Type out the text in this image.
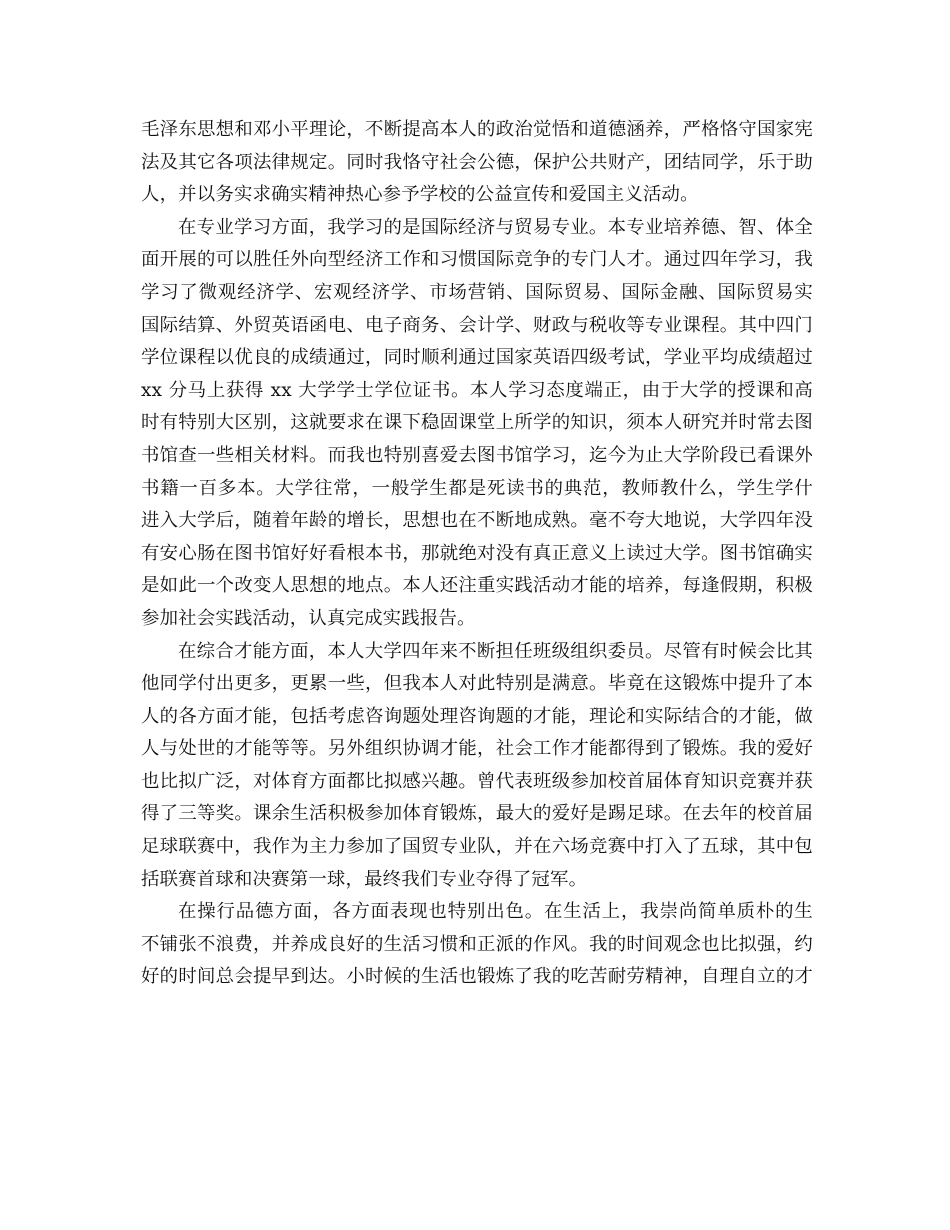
毛泽东思想和邓小平理论，不断提高本人的政治觉悟和道德涵养，严格恪守国家宪
法及其它各项法律规定。同时我恪守社会公德，保护公共财产，团结同学，乐于助
人，并以务实求确实精神热心参予学校的公益宣传和爱国主义活动。
在专业学习方面，我学习的是国际经济与贸易专业。本专业培养德、智、体全
面开展的可以胜任外向型经济工作和习惯国际竞争的专门人才。通过四年学习，我
学习了微观经济学、宏观经济学、市场营销、国际贸易、国际金融、国际贸易实
国际结算、外贸英语函电、电子商务、会计学、财政与税收等专业课程。其中四门
学位课程以优良的成绩通过，同时顺利通过国家英语四级考试，学业平均成绩超过
xx 分马上获得 xx 大学学士学位证书。本人学习态度端正，由于大学的授课和高
时有特别大区别，这就要求在课下稳固课堂上所学的知识，须本人研究并时常去图
书馆查一些相关材料。而我也特别喜爱去图书馆学习，迄今为止大学阶段已看课外
书籍一百多本。大学往常，一般学生都是死读书的典范，教师教什么，学生学什
进入大学后，随着年龄的增长，思想也在不断地成熟。毫不夸大地说，大学四年没
有安心肠在图书馆好好看根本书，那就绝对没有真正意义上读过大学。图书馆确实
是如此一个改变人思想的地点。本人还注重实践活动才能的培养，每逢假期，积极
参加社会实践活动，认真完成实践报告。
在综合才能方面，本人大学四年来不断担任班级组织委员。尽管有时候会比其
他同学付出更多，更累一些，但我本人对此特别是满意。毕竟在这锻炼中提升了本
人的各方面才能，包括考虑咨询题处理咨询题的才能，理论和实际结合的才能，做
人与处世的才能等等。另外组织协调才能，社会工作才能都得到了锻炼。我的爱好
也比拟广泛，对体育方面都比拟感兴趣。曾代表班级参加校首届体育知识竞赛并获
得了三等奖。课余生活积极参加体育锻炼，最大的爱好是踢足球。在去年的校首届
足球联赛中，我作为主力参加了国贸专业队，并在六场竞赛中打入了五球，其中包
括联赛首球和决赛第一球，最终我们专业夺得了冠军。
在操行品德方面，各方面表现也特别出色。在生活上，我崇尚简单质朴的生
不铺张不浪费，并养成良好的生活习惯和正派的作风。我的时间观念也比拟强，约
好的时间总会提早到达。小时候的生活也锻炼了我的吃苦耐劳精神，自理自立的才
